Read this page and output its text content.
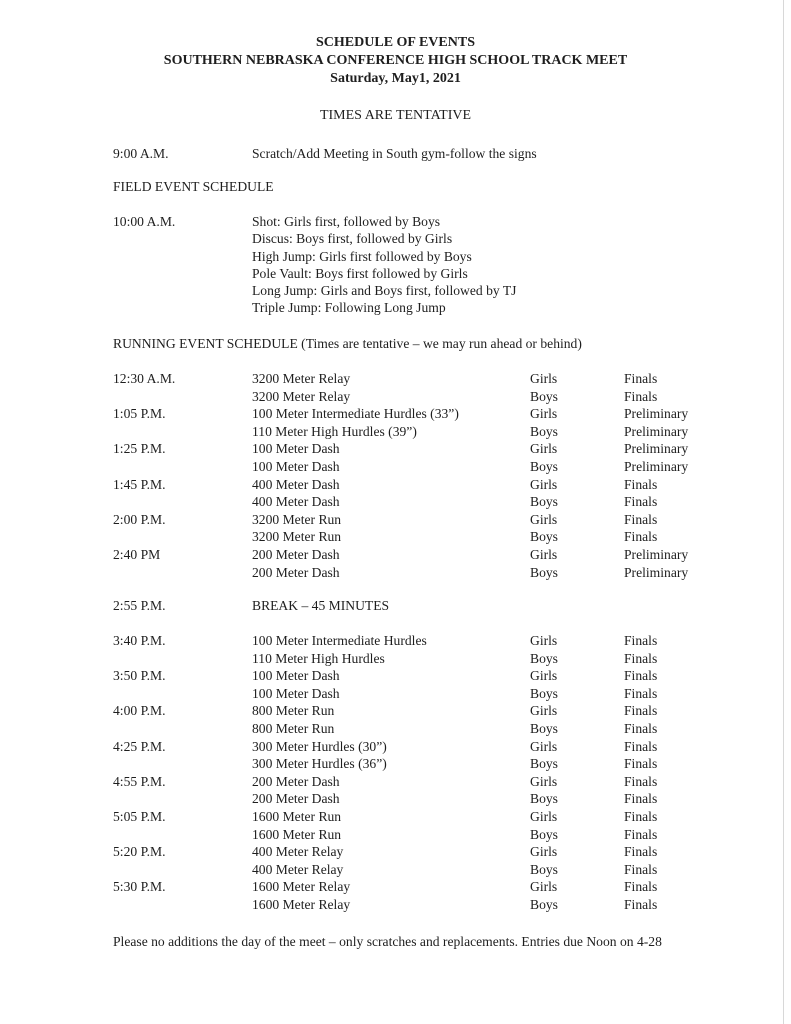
SCHEDULE OF EVENTS
SOUTHERN NEBRASKA CONFERENCE HIGH SCHOOL TRACK MEET
Saturday, May1, 2021
TIMES ARE TENTATIVE
9:00 A.M.	Scratch/Add Meeting in South gym-follow the signs
FIELD EVENT SCHEDULE
10:00 A.M.	Shot: Girls first, followed by Boys
Discus: Boys first, followed by Girls
High Jump: Girls first followed by Boys
Pole Vault: Boys first followed by Girls
Long Jump: Girls and Boys first, followed by TJ
Triple Jump: Following Long Jump
RUNNING EVENT SCHEDULE (Times are tentative – we may run ahead or behind)
12:30 A.M.	3200 Meter Relay	Girls	Finals
3200 Meter Relay	Boys	Finals
1:05 P.M.	100 Meter Intermediate Hurdles (33”)	Girls	Preliminary
110 Meter High Hurdles (39”)	Boys	Preliminary
1:25 P.M.	100 Meter Dash	Girls	Preliminary
100 Meter Dash	Boys	Preliminary
1:45 P.M.	400 Meter Dash	Girls	Finals
400 Meter Dash	Boys	Finals
2:00 P.M.	3200 Meter Run	Girls	Finals
3200 Meter Run	Boys	Finals
2:40 PM	200 Meter Dash	Girls	Preliminary
200 Meter Dash	Boys	Preliminary
2:55 P.M.	BREAK – 45 MINUTES
3:40 P.M.	100 Meter Intermediate Hurdles	Girls	Finals
110 Meter High Hurdles	Boys	Finals
3:50 P.M.	100 Meter Dash	Girls	Finals
100 Meter Dash	Boys	Finals
4:00 P.M.	800 Meter Run	Girls	Finals
800 Meter Run	Boys	Finals
4:25 P.M.	300 Meter Hurdles (30”)	Girls	Finals
300 Meter Hurdles (36”)	Boys	Finals
4:55 P.M.	200 Meter Dash	Girls	Finals
200 Meter Dash	Boys	Finals
5:05 P.M.	1600 Meter Run	Girls	Finals
1600 Meter Run	Boys	Finals
5:20 P.M.	400 Meter Relay	Girls	Finals
400 Meter Relay	Boys	Finals
5:30 P.M.	1600 Meter Relay	Girls	Finals
1600 Meter Relay	Boys	Finals
Please no additions the day of the meet – only scratches and replacements. Entries due Noon on 4-28
